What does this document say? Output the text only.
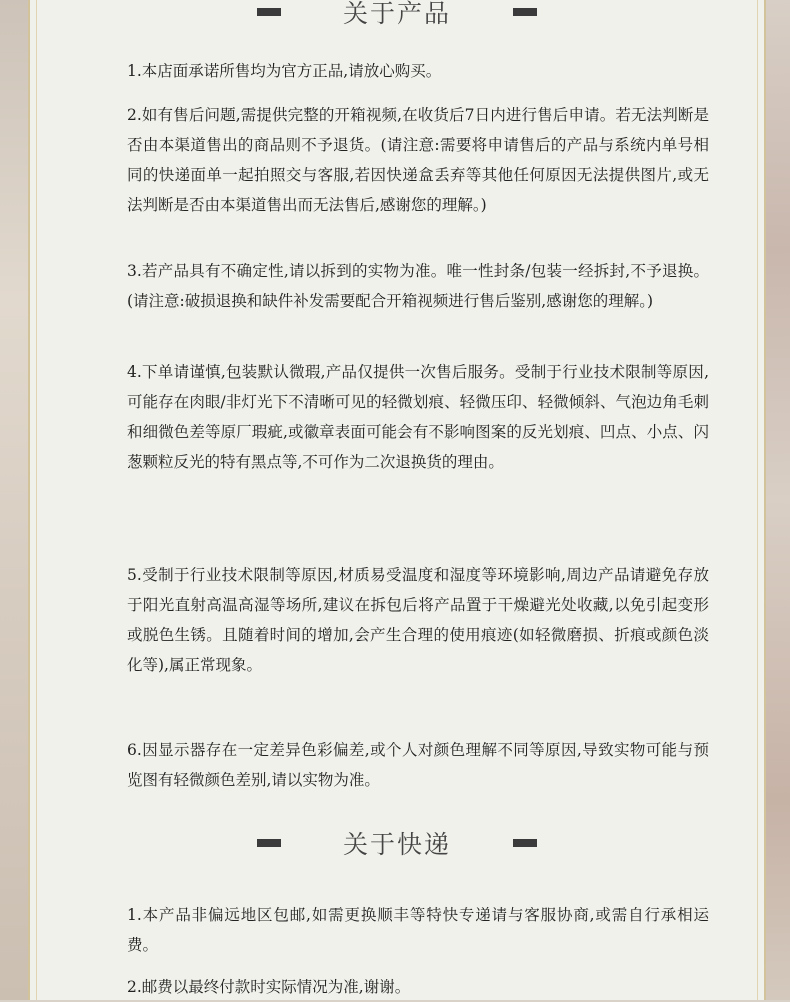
关于产品
1.本店面承诺所售均为官方正品,请放心购买。
2.如有售后问题,需提供完整的开箱视频,在收货后7日内进行售后申请。若无法判断是否由本渠道售出的商品则不予退货。(请注意:需要将申请售后的产品与系统内单号相同的快递面单一起拍照交与客服,若因快递盒丢弃等其他任何原因无法提供图片,或无法判断是否由本渠道售出而无法售后,感谢您的理解。)
3.若产品具有不确定性,请以拆到的实物为准。唯一性封条/包装一经拆封,不予退换。(请注意:破损退换和缺件补发需要配合开箱视频进行售后鉴别,感谢您的理解。)
4.下单请谨慎,包装默认微瑕,产品仅提供一次售后服务。受制于行业技术限制等原因,可能存在肉眼/非灯光下不清晰可见的轻微划痕、轻微压印、轻微倾斜、气泡边角毛刺和细微色差等原厂瑕疵,或徽章表面可能会有不影响图案的反光划痕、凹点、小点、闪葱颗粒反光的特有黑点等,不可作为二次退换货的理由。
5.受制于行业技术限制等原因,材质易受温度和湿度等环境影响,周边产品请避免存放于阳光直射高温高湿等场所,建议在拆包后将产品置于干燥避光处收藏,以免引起变形或脱色生锈。且随着时间的增加,会产生合理的使用痕迹(如轻微磨损、折痕或颜色淡化等),属正常现象。
6.因显示器存在一定差异色彩偏差,或个人对颜色理解不同等原因,导致实物可能与预览图有轻微颜色差别,请以实物为准。
关于快递
1.本产品非偏远地区包邮,如需更换顺丰等特快专递请与客服协商,或需自行承相运费。
2.邮费以最终付款时实际情况为准,谢谢。
